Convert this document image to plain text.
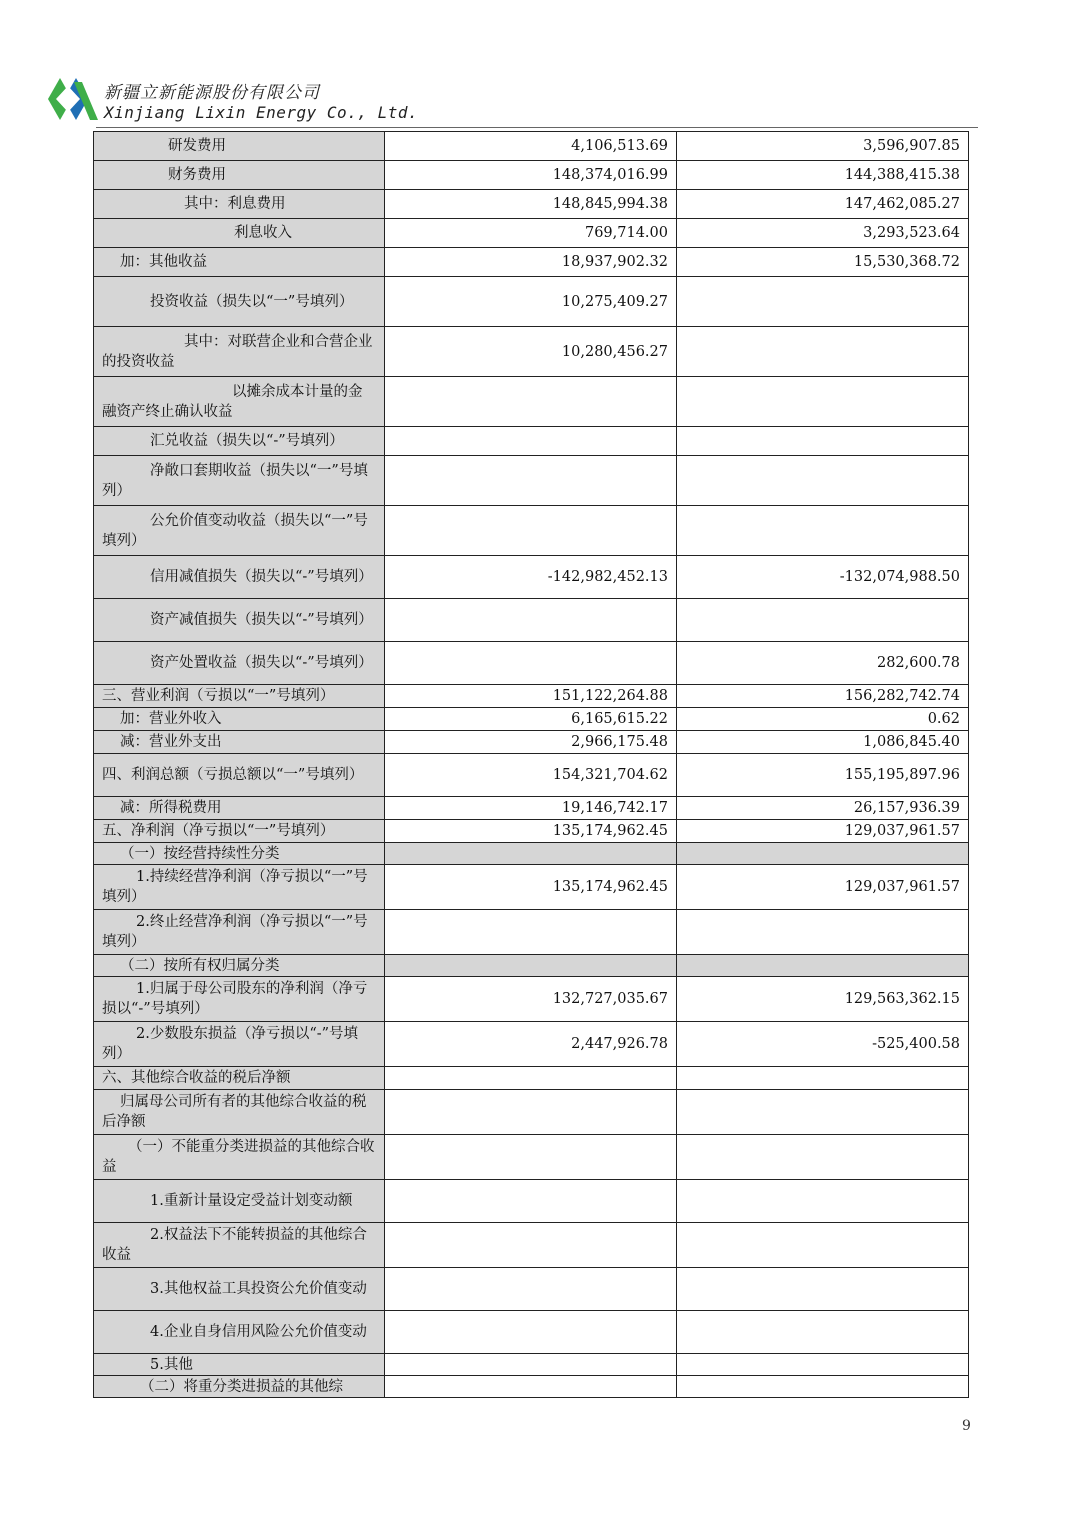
新疆立新能源股份有限公司
Xinjiang Lixin Energy Co., Ltd.
研发费用	4,106,513.69	3,596,907.85
财务费用	148,374,016.99	144,388,415.38
其中：利息费用	148,845,994.38	147,462,085.27
利息收入	769,714.00	3,293,523.64
加：其他收益	18,937,902.32	15,530,368.72
投资收益（损失以“一”号填列）	10,275,409.27	
其中：对联营企业和合营企业的投资收益	10,280,456.27	
以摊余成本计量的金融资产终止确认收益		
汇兑收益（损失以“-”号填列）		
净敞口套期收益（损失以“一”号填列）		
公允价值变动收益（损失以“一”号填列）		
信用减值损失（损失以“-”号填列）	-142,982,452.13	-132,074,988.50
资产减值损失（损失以“-”号填列）		
资产处置收益（损失以“-”号填列）		282,600.78
三、营业利润（亏损以“一”号填列）	151,122,264.88	156,282,742.74
加：营业外收入	6,165,615.22	0.62
减：营业外支出	2,966,175.48	1,086,845.40
四、利润总额（亏损总额以“一”号填列）	154,321,704.62	155,195,897.96
减：所得税费用	19,146,742.17	26,157,936.39
五、净利润（净亏损以“一”号填列）	135,174,962.45	129,037,961.57
（一）按经营持续性分类		
1.持续经营净利润（净亏损以“一”号填列）	135,174,962.45	129,037,961.57
2.终止经营净利润（净亏损以“一”号填列）		
（二）按所有权归属分类		
1.归属于母公司股东的净利润（净亏损以“-”号填列）	132,727,035.67	129,563,362.15
2.少数股东损益（净亏损以“-”号填列）	2,447,926.78	-525,400.58
六、其他综合收益的税后净额		
归属母公司所有者的其他综合收益的税后净额		
（一）不能重分类进损益的其他综合收益		
1.重新计量设定受益计划变动额		
2.权益法下不能转损益的其他综合收益		
3.其他权益工具投资公允价值变动		
4.企业自身信用风险公允价值变动		
5.其他		
（二）将重分类进损益的其他综		
9
